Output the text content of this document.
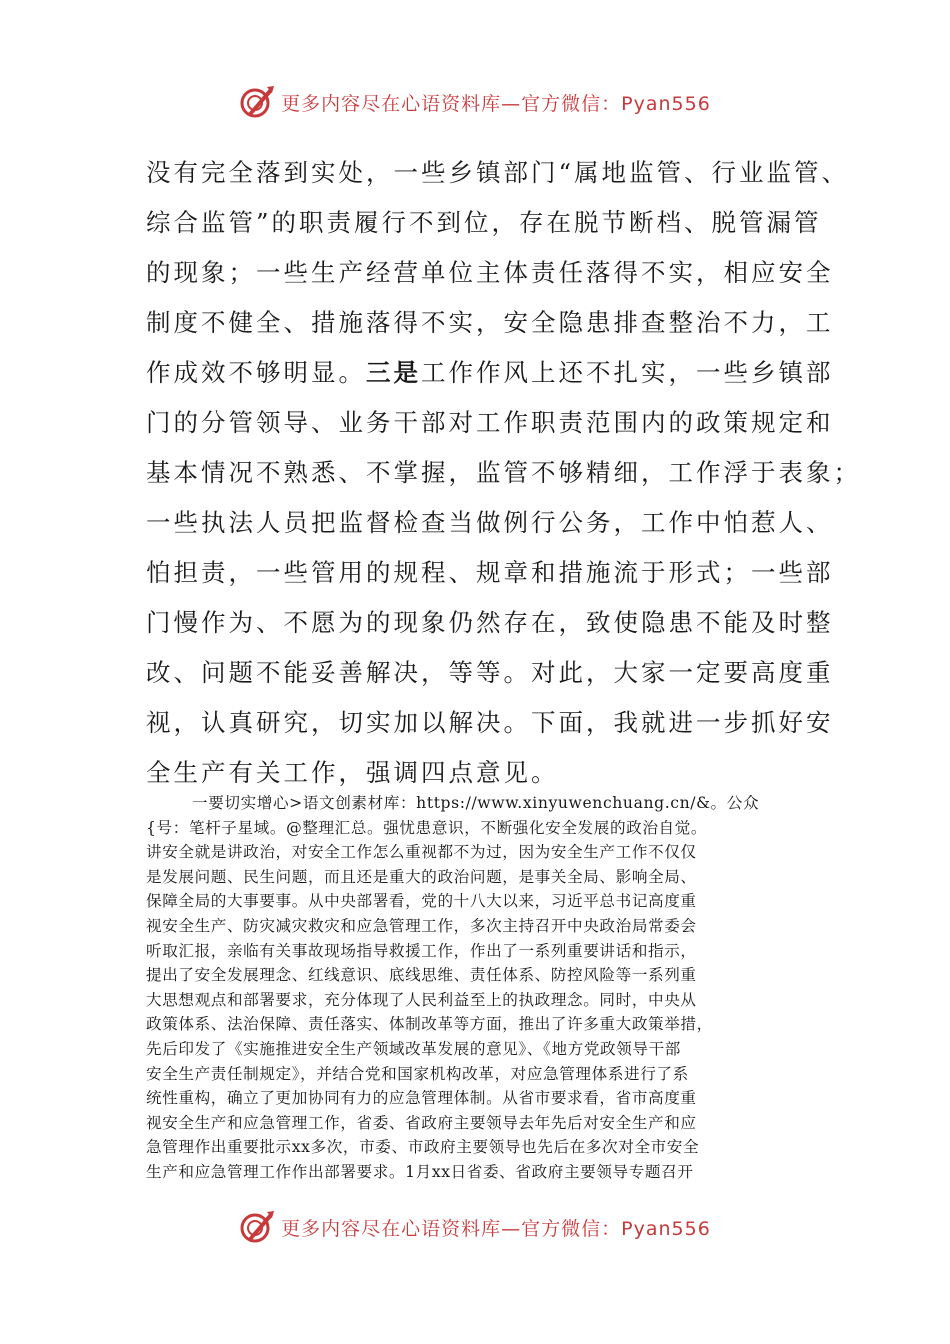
更多内容尽在心语资料库—官方微信：Pyan556
没有完全落到实处，一些乡镇部门“属地监管、行业监管、
综合监管”的职责履行不到位，存在脱节断档、脱管漏管
的现象；一些生产经营单位主体责任落得不实，相应安全
制度不健全、措施落得不实，安全隐患排查整治不力，工
作成效不够明显。三是工作作风上还不扎实，一些乡镇部
门的分管领导、业务干部对工作职责范围内的政策规定和
基本情况不熟悉、不掌握，监管不够精细，工作浮于表象；
一些执法人员把监督检查当做例行公务，工作中怕惹人、
怕担责，一些管用的规程、规章和措施流于形式；一些部
门慢作为、不愿为的现象仍然存在，致使隐患不能及时整
改、问题不能妥善解决，等等。对此，大家一定要高度重
视，认真研究，切实加以解决。下面，我就进一步抓好安
全生产有关工作，强调四点意见。
一要切实增心>语文创素材库：https://www.xinyuwenchuang.cn/&。公众
{号：笔杆子星域。@整理汇总。强忧患意识，不断强化安全发展的政治自觉。
讲安全就是讲政治，对安全工作怎么重视都不为过，因为安全生产工作不仅仅
是发展问题、民生问题，而且还是重大的政治问题，是事关全局、影响全局、
保障全局的大事要事。从中央部署看，党的十八大以来，习近平总书记高度重
视安全生产、防灾减灾救灾和应急管理工作，多次主持召开中央政治局常委会
听取汇报，亲临有关事故现场指导救援工作，作出了一系列重要讲话和指示，
提出了安全发展理念、红线意识、底线思维、责任体系、防控风险等一系列重
大思想观点和部署要求，充分体现了人民利益至上的执政理念。同时，中央从
政策体系、法治保障、责任落实、体制改革等方面，推出了许多重大政策举措，
先后印发了《实施推进安全生产领域改革发展的意见》、《地方党政领导干部
安全生产责任制规定》，并结合党和国家机构改革，对应急管理体系进行了系
统性重构，确立了更加协同有力的应急管理体制。从省市要求看，省市高度重
视安全生产和应急管理工作，省委、省政府主要领导去年先后对安全生产和应
急管理作出重要批示xx多次，市委、市政府主要领导也先后在多次对全市安全
生产和应急管理工作作出部署要求。1月xx日省委、省政府主要领导专题召开
更多内容尽在心语资料库—官方微信：Pyan556
